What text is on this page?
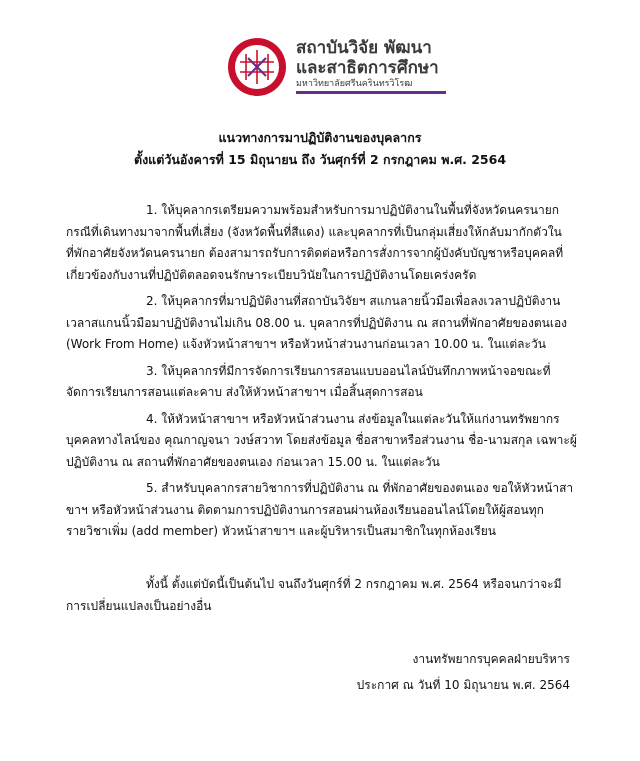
สถาบันวิจัย พัฒนา
และสาธิตการศึกษา
มหาวิทยาลัยศรีนครินทรวิโรฒ
แนวทางการมาปฏิบัติงานของบุคลากร
ตั้งแต่วันอังคารที่ 15 มิถุนายน ถึง วันศุกร์ที่ 2 กรกฎาคม พ.ศ. 2564

1. ให้บุคลากรเตรียมความพร้อมสำหรับการมาปฏิบัติงานในพื้นที่จังหวัดนครนายก กรณีที่เดินทางมาจากพื้นที่เสี่ยง (จังหวัดพื้นที่สีแดง) และบุคลากรที่เป็นกลุ่มเสี่ยงให้กลับมากักตัวในที่พักอาศัยจังหวัดนครนายก ต้องสามารถรับการติดต่อหรือการสั่งการจากผู้บังคับบัญชาหรือบุคคลที่เกี่ยวข้องกับงานที่ปฏิบัติตลอดจนรักษาระเบียบวินัยในการปฏิบัติงานโดยเคร่งครัด

2. ให้บุคลากรที่มาปฏิบัติงานที่สถาบันวิจัยฯ สแกนลายนิ้วมือเพื่อลงเวลาปฏิบัติงาน เวลาสแกนนิ้วมือมาปฏิบัติงานไม่เกิน 08.00 น. บุคลากรที่ปฏิบัติงาน ณ สถานที่พักอาศัยของตนเอง (Work From Home) แจ้งหัวหน้าสาขาฯ หรือหัวหน้าส่วนงานก่อนเวลา 10.00 น. ในแต่ละวัน

3. ให้บุคลากรที่มีการจัดการเรียนการสอนแบบออนไลน์บันทึกภาพหน้าจอขณะที่จัดการเรียนการสอนแต่ละคาบ ส่งให้หัวหน้าสาขาฯ เมื่อสิ้นสุดการสอน

4. ให้หัวหน้าสาขาฯ หรือหัวหน้าส่วนงาน ส่งข้อมูลในแต่ละวันให้แก่งานทรัพยากรบุคคลทางไลน์ของ คุณกาญจนา วงษ์สวาท โดยส่งข้อมูล ชื่อสาขาหรือส่วนงาน ชื่อ-นามสกุล เฉพาะผู้ปฏิบัติงาน ณ สถานที่พักอาศัยของตนเอง ก่อนเวลา 15.00 น. ในแต่ละวัน

5. สำหรับบุคลากรสายวิชาการที่ปฏิบัติงาน ณ ที่พักอาศัยของตนเอง ขอให้หัวหน้าสาขาฯ หรือหัวหน้าส่วนงาน ติดตามการปฏิบัติงานการสอนผ่านห้องเรียนออนไลน์โดยให้ผู้สอนทุกรายวิชาเพิ่ม (add member) หัวหน้าสาขาฯ และผู้บริหารเป็นสมาชิกในทุกห้องเรียน

ทั้งนี้ ตั้งแต่บัดนี้เป็นต้นไป จนถึงวันศุกร์ที่ 2 กรกฎาคม พ.ศ. 2564 หรือจนกว่าจะมีการเปลี่ยนแปลงเป็นอย่างอื่น
งานทรัพยากรบุคคลฝ่ายบริหาร
ประกาศ ณ วันที่ 10 มิถุนายน พ.ศ. 2564
